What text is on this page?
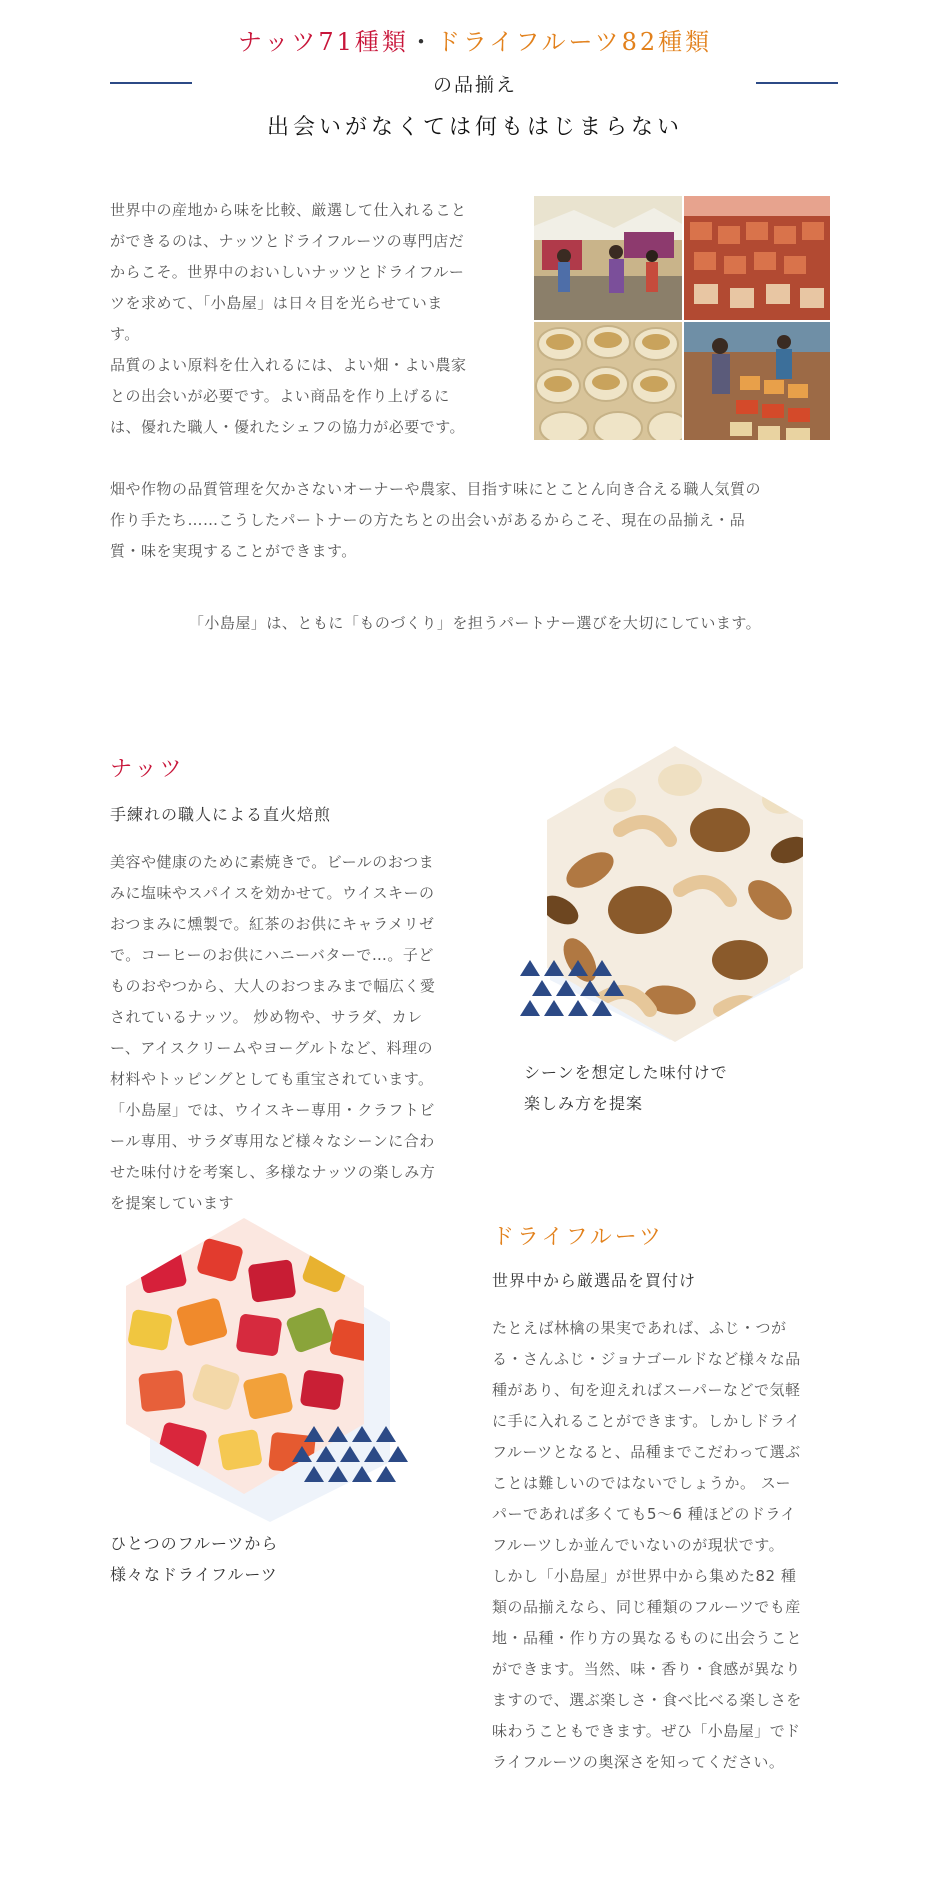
ナッツ71種類・ドライフルーツ82種類
の品揃え
出会いがなくては何もはじまらない

世界中の産地から味を比較、厳選して仕入れること
ができるのは、ナッツとドライフルーツの専門店だ
からこそ。世界中のおいしいナッツとドライフルー
ツを求めて、「小島屋」は日々目を光らせていま
す。
品質のよい原料を仕入れるには、よい畑・よい農家
との出会いが必要です。よい商品を作り上げるに
は、優れた職人・優れたシェフの協力が必要です。

畑や作物の品質管理を欠かさないオーナーや農家、目指す味にとことん向き合える職人気質の
作り手たち……こうしたパートナーの方たちとの出会いがあるからこそ、現在の品揃え・品
質・味を実現することができます。

「小島屋」は、ともに「ものづくり」を担うパートナー選びを大切にしています。

ナッツ
手練れの職人による直火焙煎

美容や健康のために素焼きで。ビールのおつま
みに塩味やスパイスを効かせて。ウイスキーの
おつまみに燻製で。紅茶のお供にキャラメリゼ
で。コーヒーのお供にハニーバターで…。子ど
ものおやつから、大人のおつまみまで幅広く愛
されているナッツ。 炒め物や、サラダ、カレ
ー、アイスクリームやヨーグルトなど、料理の
材料やトッピングとしても重宝されています。
「小島屋」では、ウイスキー専用・クラフトビ
ール専用、サラダ専用など様々なシーンに合わ
せた味付けを考案し、多様なナッツの楽しみ方
を提案しています

シーンを想定した味付けで
楽しみ方を提案
ひとつのフルーツから
様々なドライフルーツ
ドライフルーツ
世界中から厳選品を買付け

たとえば林檎の果実であれば、ふじ・つが
る・さんふじ・ジョナゴールドなど様々な品
種があり、旬を迎えればスーパーなどで気軽
に手に入れることができます。しかしドライ
フルーツとなると、品種までこだわって選ぶ
ことは難しいのではないでしょうか。 スー
パーであれば多くても5〜6 種ほどのドライ
フルーツしか並んでいないのが現状です。
しかし「小島屋」が世界中から集めた82 種
類の品揃えなら、同じ種類のフルーツでも産
地・品種・作り方の異なるものに出会うこと
ができます。当然、味・香り・食感が異なり
ますので、選ぶ楽しさ・食べ比べる楽しさを
味わうこともできます。ぜひ「小島屋」でド
ライフルーツの奥深さを知ってください。
